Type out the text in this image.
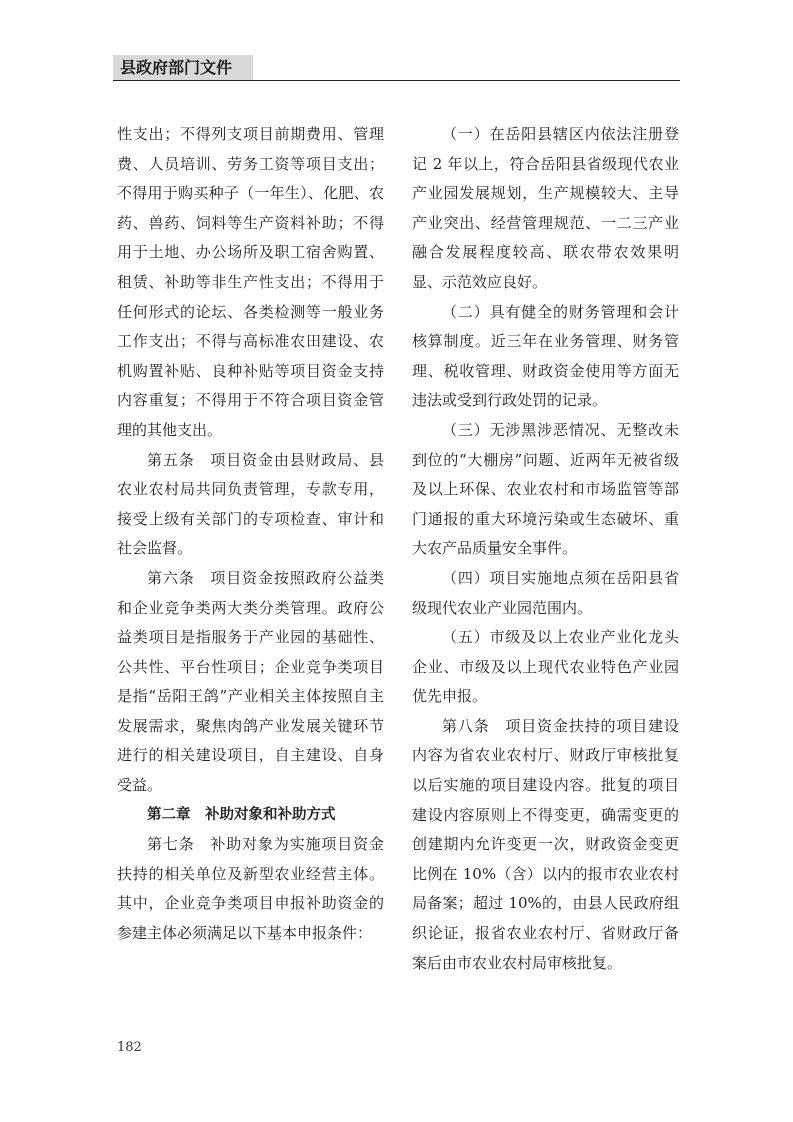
县政府部门文件

性支出；不得列支项目前期费用、管理费、人员培训、劳务工资等项目支出；不得用于购买种子（一年生）、化肥、农药、兽药、饲料等生产资料补助；不得用于土地、办公场所及职工宿舍购置、租赁、补助等非生产性支出；不得用于任何形式的论坛、各类检测等一般业务工作支出；不得与高标准农田建设、农机购置补贴、良种补贴等项目资金支持内容重复；不得用于不符合项目资金管理的其他支出。

第五条　项目资金由县财政局、县农业农村局共同负责管理，专款专用，接受上级有关部门的专项检查、审计和社会监督。

第六条　项目资金按照政府公益类和企业竞争类两大类分类管理。政府公益类项目是指服务于产业园的基础性、公共性、平台性项目；企业竞争类项目是指“岳阳王鸽”产业相关主体按照自主发展需求，聚焦肉鸽产业发展关键环节进行的相关建设项目，自主建设、自身受益。

第二章　补助对象和补助方式

第七条　补助对象为实施项目资金扶持的相关单位及新型农业经营主体。其中，企业竞争类项目申报补助资金的参建主体必须满足以下基本申报条件：

（一）在岳阳县辖区内依法注册登记 2 年以上，符合岳阳县省级现代农业产业园发展规划，生产规模较大、主导产业突出、经营管理规范、一二三产业融合发展程度较高、联农带农效果明显、示范效应良好。

（二）具有健全的财务管理和会计核算制度。近三年在业务管理、财务管理、税收管理、财政资金使用等方面无违法或受到行政处罚的记录。

（三）无涉黑涉恶情况、无整改未到位的“大棚房”问题、近两年无被省级及以上环保、农业农村和市场监管等部门通报的重大环境污染或生态破坏、重大农产品质量安全事件。

（四）项目实施地点须在岳阳县省级现代农业产业园范围内。

（五）市级及以上农业产业化龙头企业、市级及以上现代农业特色产业园优先申报。

第八条　项目资金扶持的项目建设内容为省农业农村厅、财政厅审核批复以后实施的项目建设内容。批复的项目建设内容原则上不得变更，确需变更的创建期内允许变更一次，财政资金变更比例在 10%（含）以内的报市农业农村局备案；超过 10%的，由县人民政府组织论证，报省农业农村厅、省财政厅备案后由市农业农村局审核批复。

182
